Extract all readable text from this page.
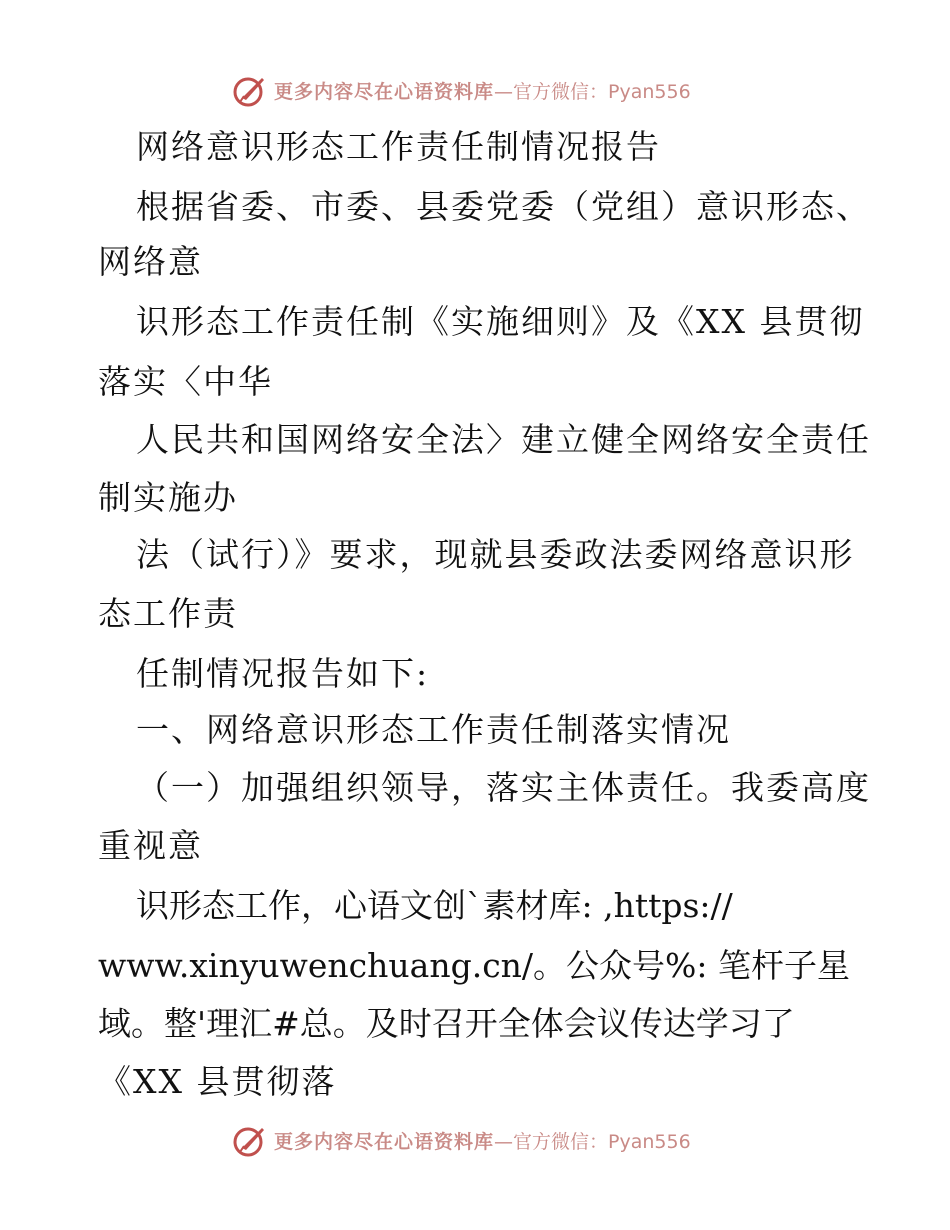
更多内容尽在心语资料库 —官方微信：Pyan556
网络意识形态工作责任制情况报告
根据省委、市委、县委党委（党组）意识形态、
网络意
识形态工作责任制《实施细则》及《XX 县贯彻
落实〈中华
人民共和国网络安全法〉建立健全网络安全责任
制实施办
法（试行）》要求，现就县委政法委网络意识形
态工作责
任制情况报告如下:
一、网络意识形态工作责任制落实情况
（一）加强组织领导，落实主体责任。我委高度
重视意
识形态工作，心语文创`素材库: ,https://
www.xinyuwenchuang.cn/。公众号%: 笔杆子星
域。整'理汇#总。及时召开全体会议传达学习了
《XX 县贯彻落
更多内容尽在心语资料库 —官方微信：Pyan556
